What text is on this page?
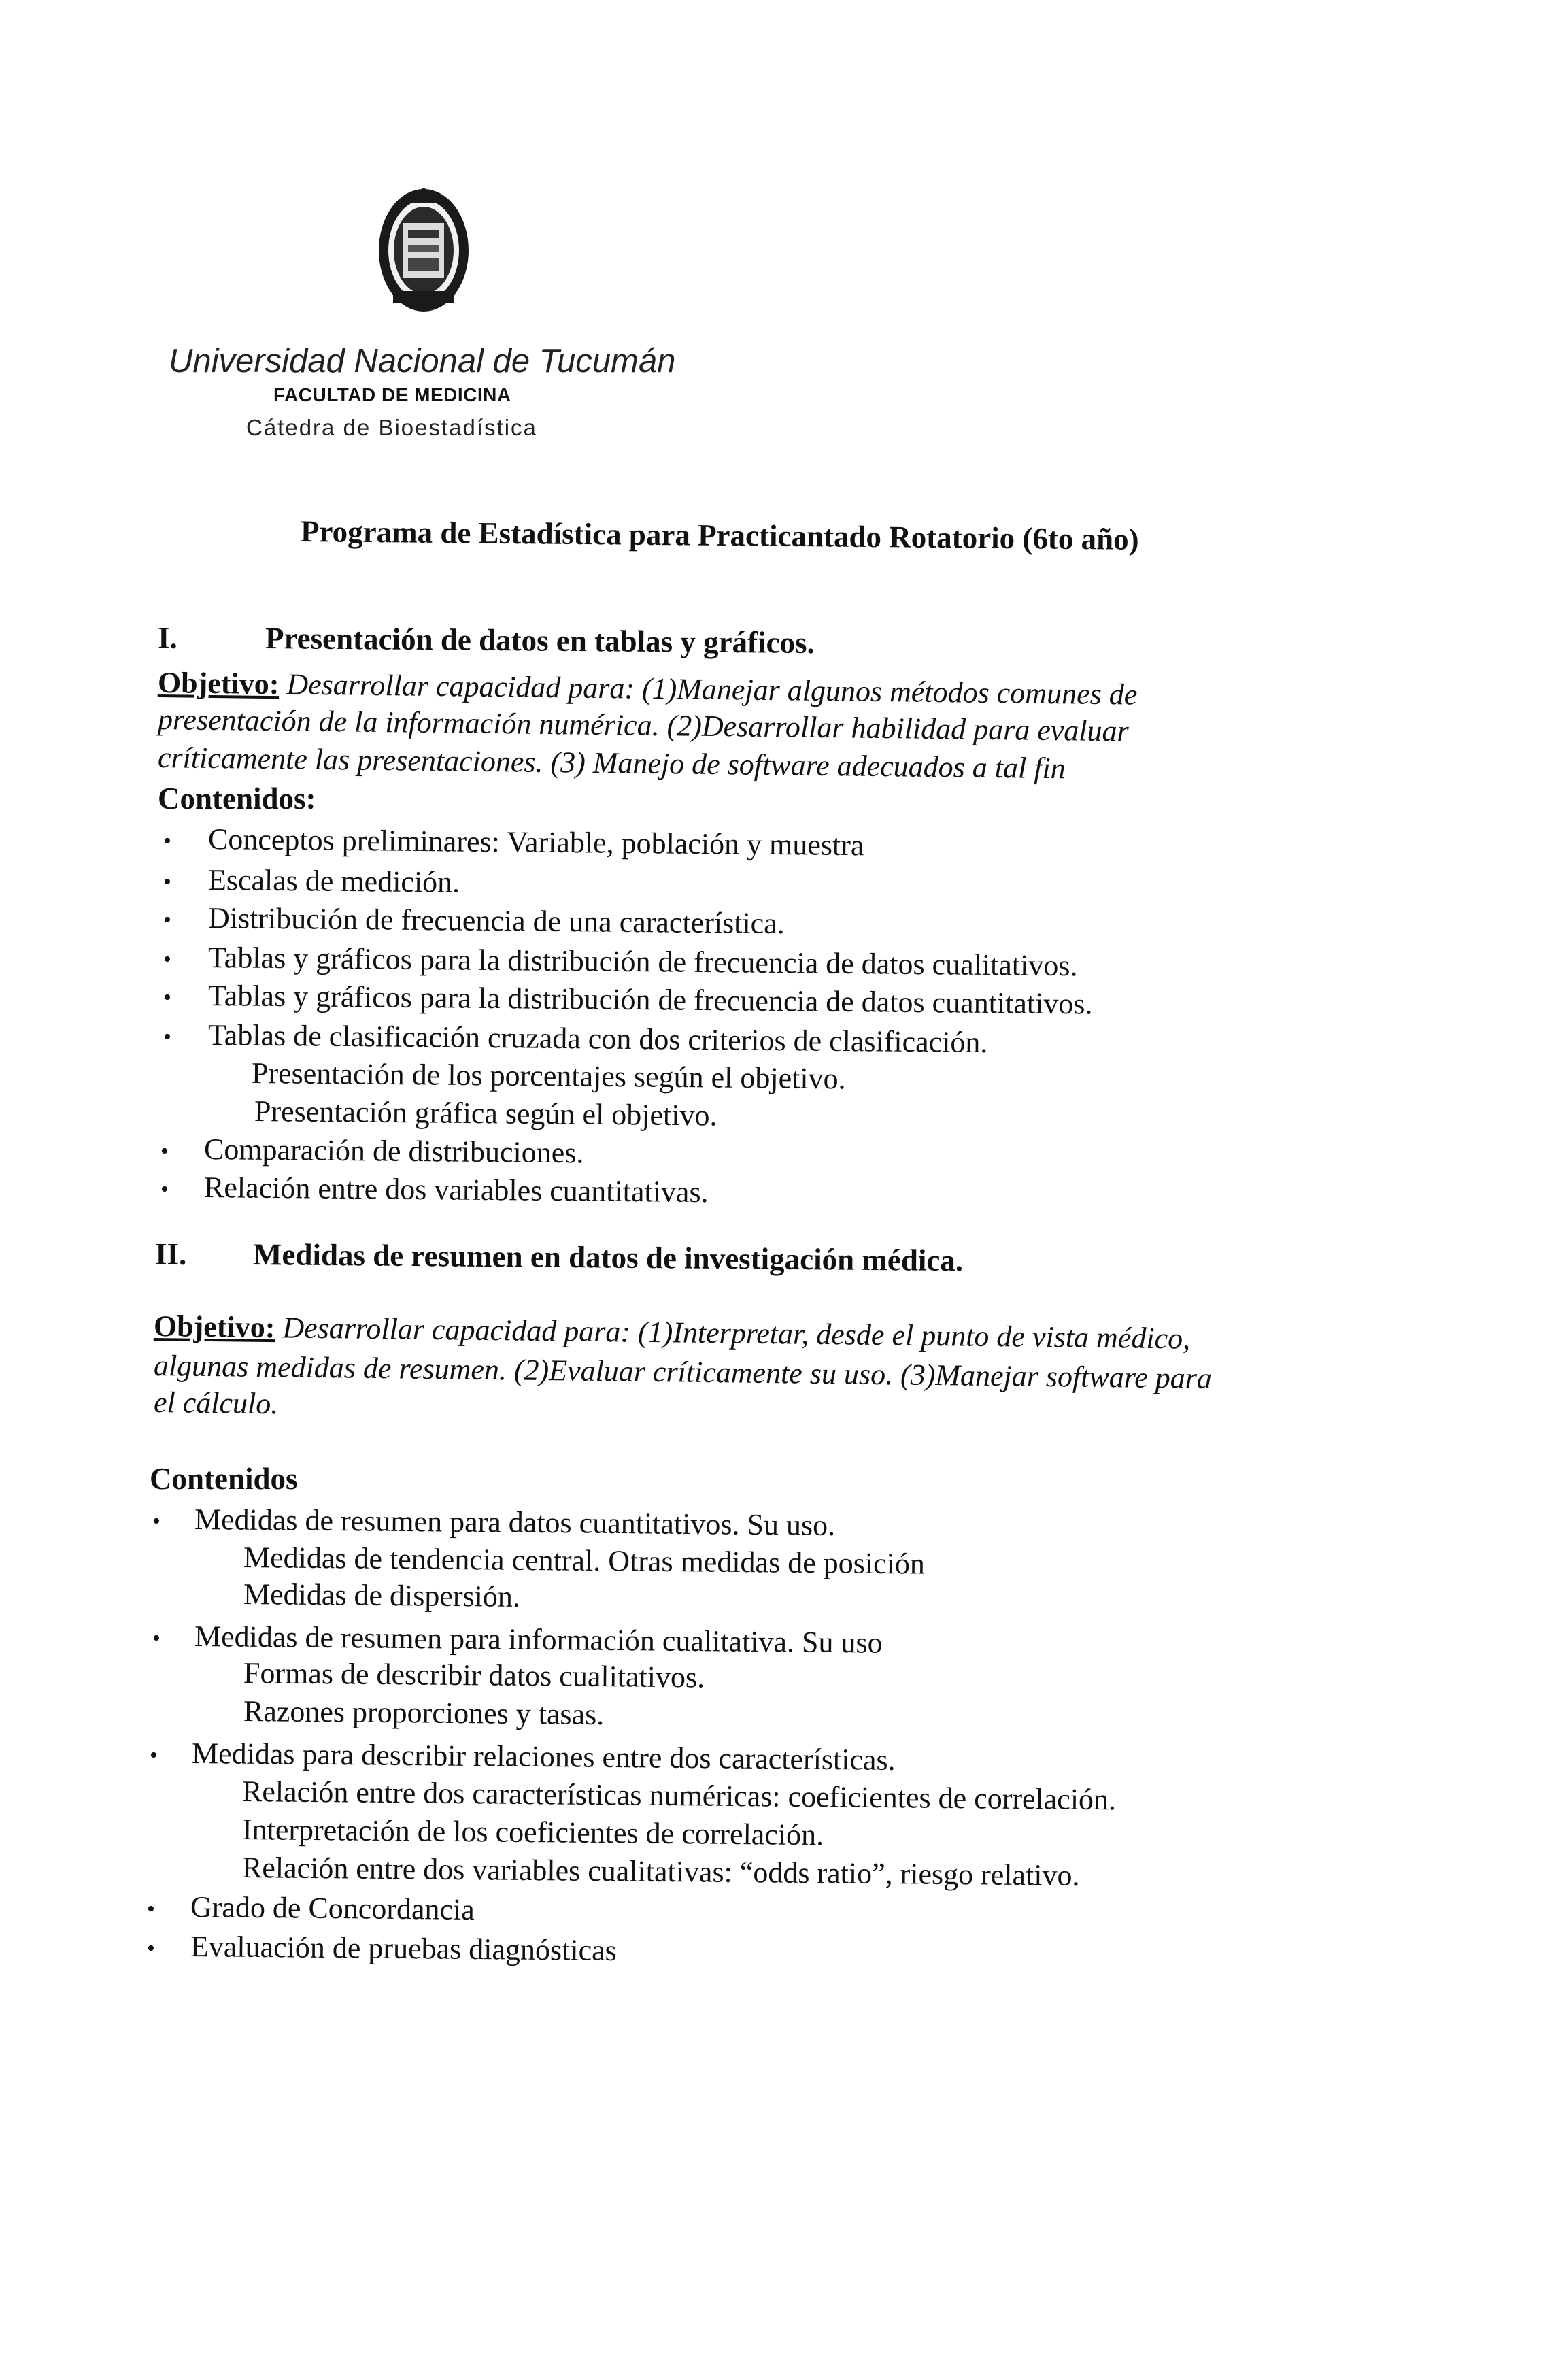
Universidad Nacional de Tucumán
FACULTAD DE MEDICINA
Cátedra de Bioestadística
Programa de Estadística para Practicantado Rotatorio (6to año)
I.	Presentación de datos en tablas y gráficos.
Objetivo: Desarrollar capacidad para: (1)Manejar algunos métodos comunes de
presentación de la información numérica. (2)Desarrollar habilidad para evaluar
críticamente las presentaciones. (3) Manejo de software adecuados a tal fin
Contenidos:
• Conceptos preliminares: Variable, población y muestra
• Escalas de medición.
• Distribución de frecuencia de una característica.
• Tablas y gráficos para la distribución de frecuencia de datos cualitativos.
• Tablas y gráficos para la distribución de frecuencia de datos cuantitativos.
• Tablas de clasificación cruzada con dos criterios de clasificación.
Presentación de los porcentajes según el objetivo.
Presentación gráfica según el objetivo.
• Comparación de distribuciones.
• Relación entre dos variables cuantitativas.
II. Medidas de resumen en datos de investigación médica.
Objetivo: Desarrollar capacidad para: (1)Interpretar, desde el punto de vista médico,
algunas medidas de resumen. (2)Evaluar críticamente su uso. (3)Manejar software para
el cálculo.
Contenidos
• Medidas de resumen para datos cuantitativos. Su uso.
Medidas de tendencia central. Otras medidas de posición
Medidas de dispersión.
• Medidas de resumen para información cualitativa. Su uso
Formas de describir datos cualitativos.
Razones proporciones y tasas.
• Medidas para describir relaciones entre dos características.
Relación entre dos características numéricas: coeficientes de correlación.
Interpretación de los coeficientes de correlación.
Relación entre dos variables cualitativas: “odds ratio”, riesgo relativo.
• Grado de Concordancia
• Evaluación de pruebas diagnósticas
